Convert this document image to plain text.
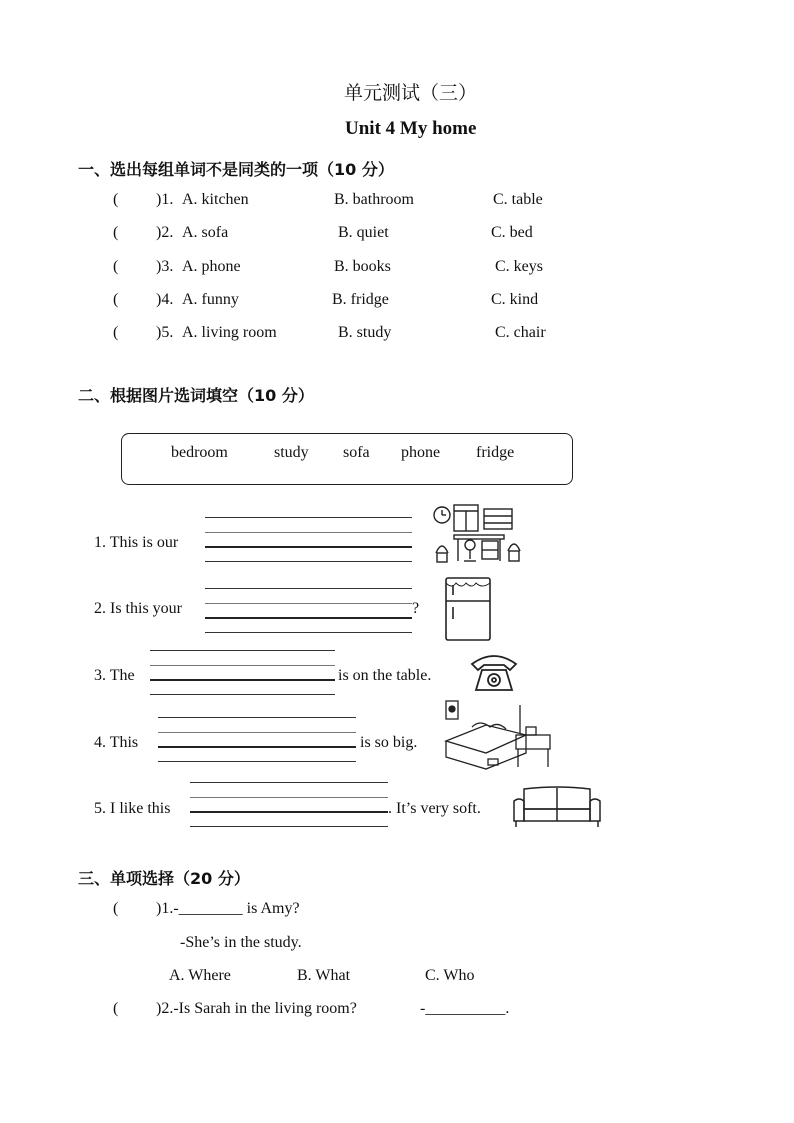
单元测试（三）
Unit 4 My home
一、选出每组单词不是同类的一项（10 分）
( )1. A. kitchen	B. bathroom	C. table
( )2. A. sofa	B. quiet	C. bed
( )3. A. phone	B. books	C. keys
( )4. A. funny	B. fridge	C. kind
( )5. A. living room	B. study	C. chair
二、根据图片选词填空（10 分）
bedroom	study sofa phone fridge
1. This is our
2. Is this your	?
3. The	is on the table.
4. This	is so big.
5. I like this	. It’s very soft.
三、单项选择（20 分）
( )1.-________ is Amy?
-She’s in the study.
A. Where	B. What	C. Who
( )2.-Is Sarah in the living room?	-__________.
